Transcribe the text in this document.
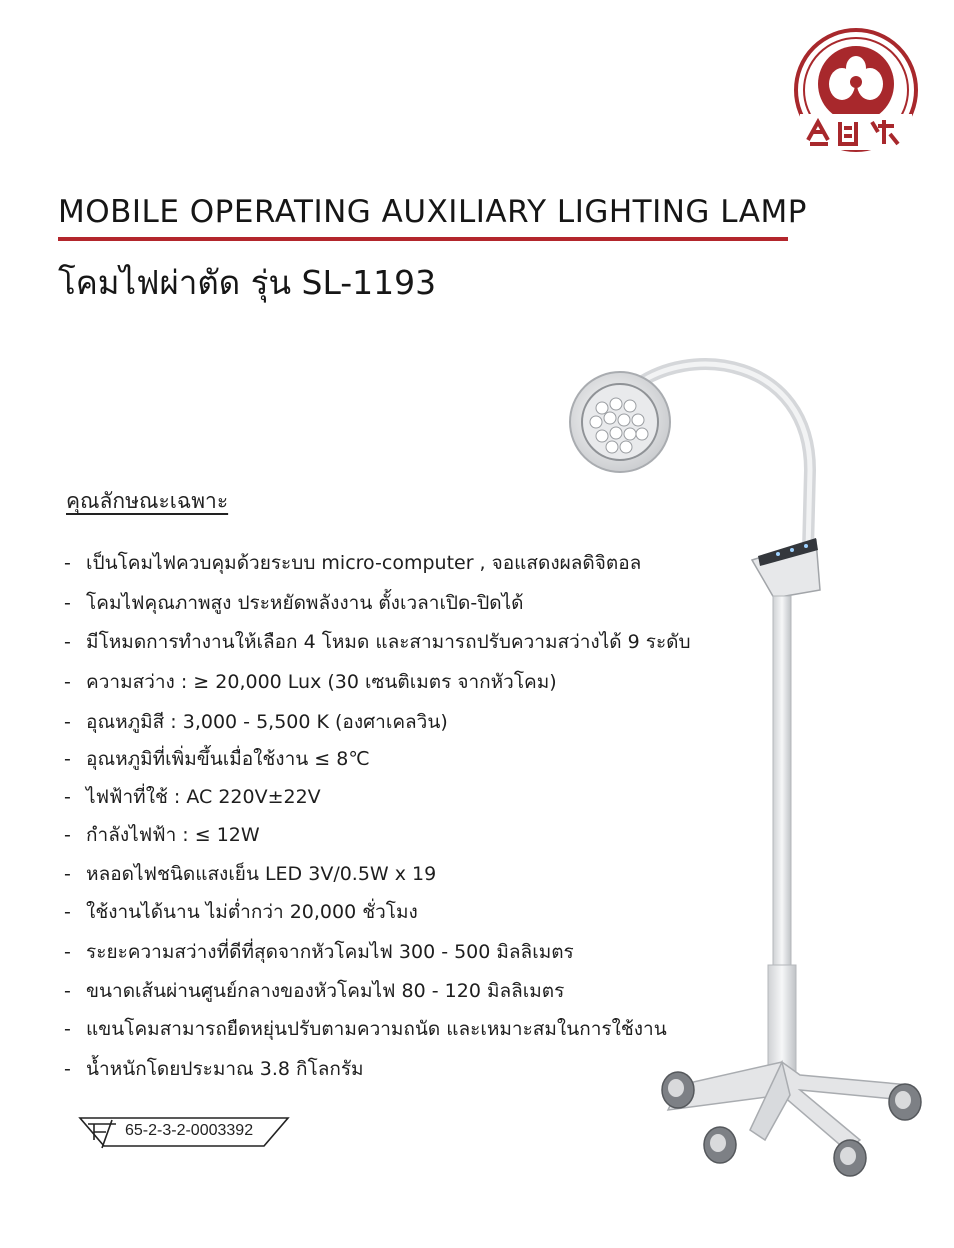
MOBILE OPERATING AUXILIARY LIGHTING LAMP
โคมไฟผ่าตัด รุ่น SL-1193
คุณลักษณะเฉพาะ
- เป็นโคมไฟควบคุมด้วยระบบ micro-computer , จอแสดงผลดิจิตอล
- โคมไฟคุณภาพสูง ประหยัดพลังงาน ตั้งเวลาเปิด-ปิดได้
- มีโหมดการทำงานให้เลือก 4 โหมด และสามารถปรับความสว่างได้ 9 ระดับ
- ความสว่าง : ≥ 20,000 Lux (30 เซนติเมตร จากหัวโคม)
- อุณหภูมิสี : 3,000 - 5,500 K (องศาเคลวิน)
- อุณหภูมิที่เพิ่มขึ้นเมื่อใช้งาน ≤ 8℃
- ไฟฟ้าที่ใช้ : AC 220V±22V
- กำลังไฟฟ้า : ≤ 12W
- หลอดไฟชนิดแสงเย็น LED 3V/0.5W x 19
- ใช้งานได้นาน ไม่ต่ำกว่า 20,000 ชั่วโมง
- ระยะความสว่างที่ดีที่สุดจากหัวโคมไฟ 300 - 500 มิลลิเมตร
- ขนาดเส้นผ่านศูนย์กลางของหัวโคมไฟ 80 - 120 มิลลิเมตร
- แขนโคมสามารถยืดหยุ่นปรับตามความถนัด และเหมาะสมในการใช้งาน
- น้ำหนักโดยประมาณ 3.8 กิโลกรัม
65-2-3-2-0003392
